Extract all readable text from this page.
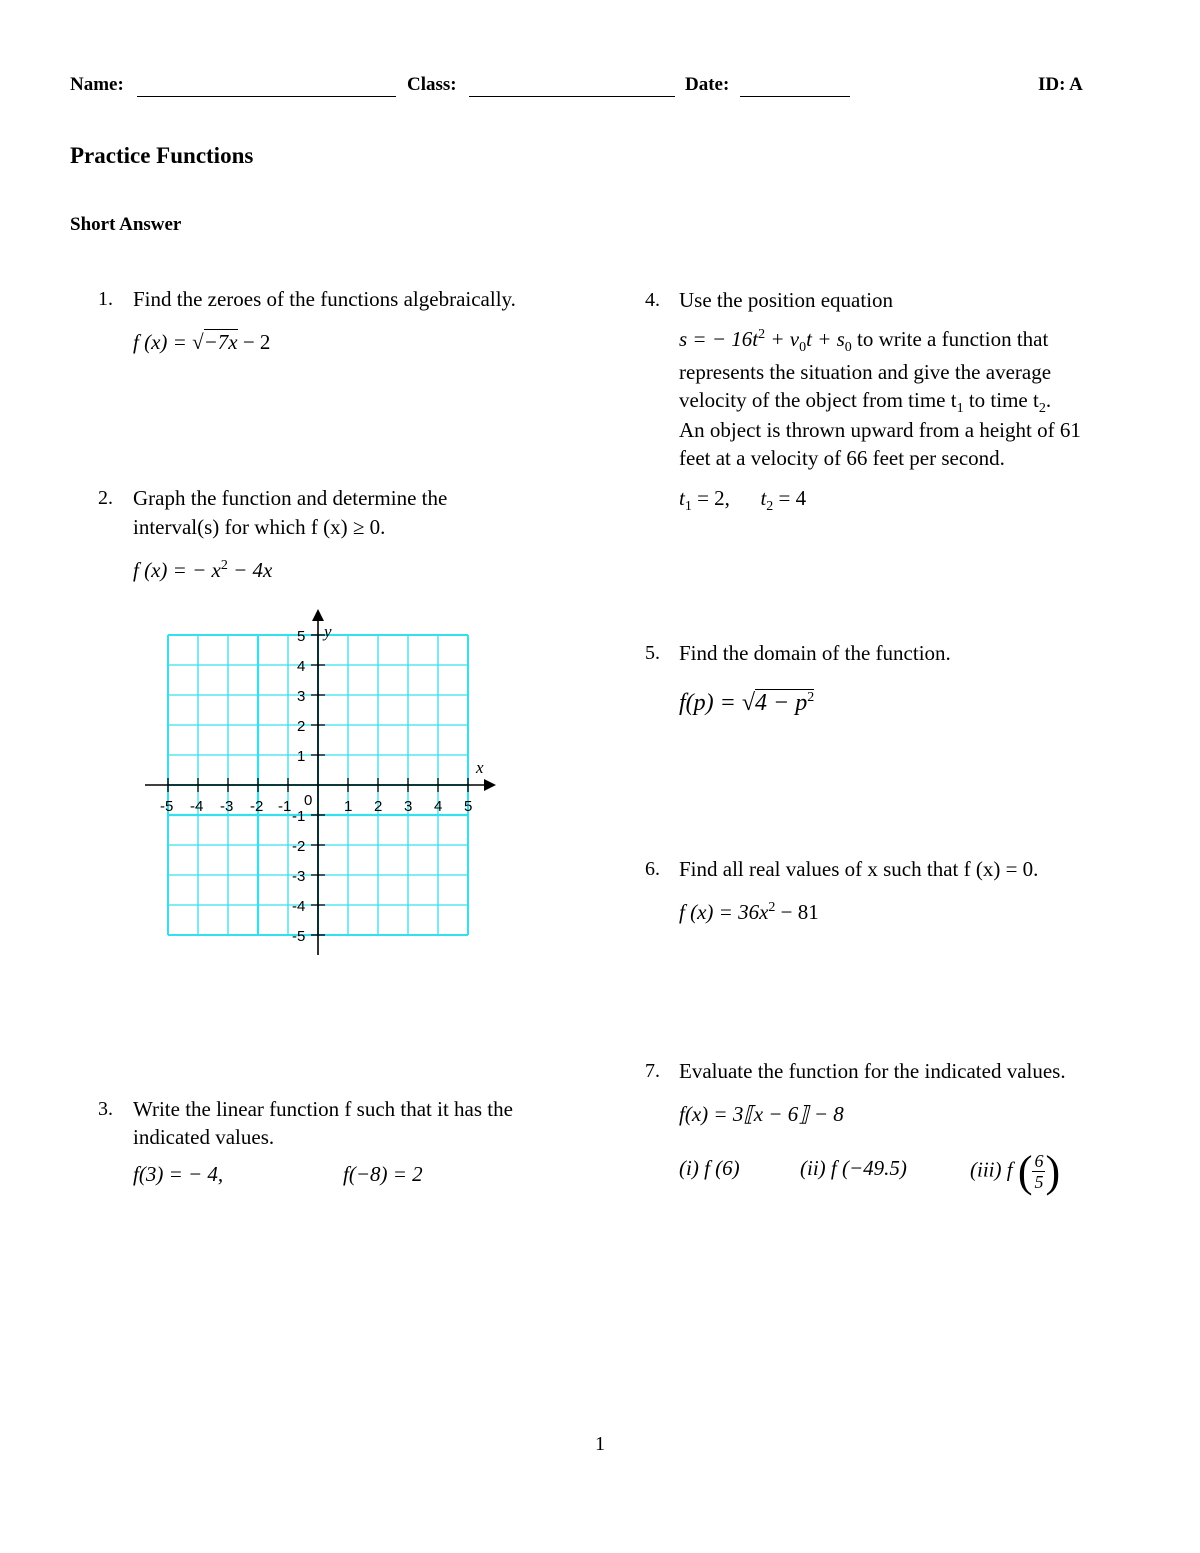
Name:	Class:	Date:	ID: A
Practice Functions
Short Answer
1. Find the zeroes of the functions algebraically.
f (x) = √−7x − 2
2. Graph the function and determine the
interval(s) for which f (x) ≥ 0.
f (x) = − $x^2 - 4x$
-5 -4 -3 -2 -1	1 2 3 4 5
5
4
3
2
1
-1
-2
-3
-4
-5
0
x
y
3. Write the linear function f such that it has the
indicated values.
f(3) = − 4,	f(−8) = 2
4. Use the position equation
s = − $16t^2 + v_0t + s_0$ to write a function that
represents the situation and give the average
velocity of the object from time $t_1$ to time $t_2$.
An object is thrown upward from a height of 61
feet at a velocity of 66 feet per second.
$t_1 = 2$, $t_2 = 4$
5. Find the domain of the function.
$f(p) = √4 - p^2$
6. Find all real values of x such that f (x) = 0.
f $(x) = 36x^2 - 81$
7. Evaluate the function for the indicated values.
f(x) = 3⟦x − 6⟧ − 8
(i) f (6)	(ii) f (−49.5)	(iii) f ( $\frac{6}{5}$ )
1
